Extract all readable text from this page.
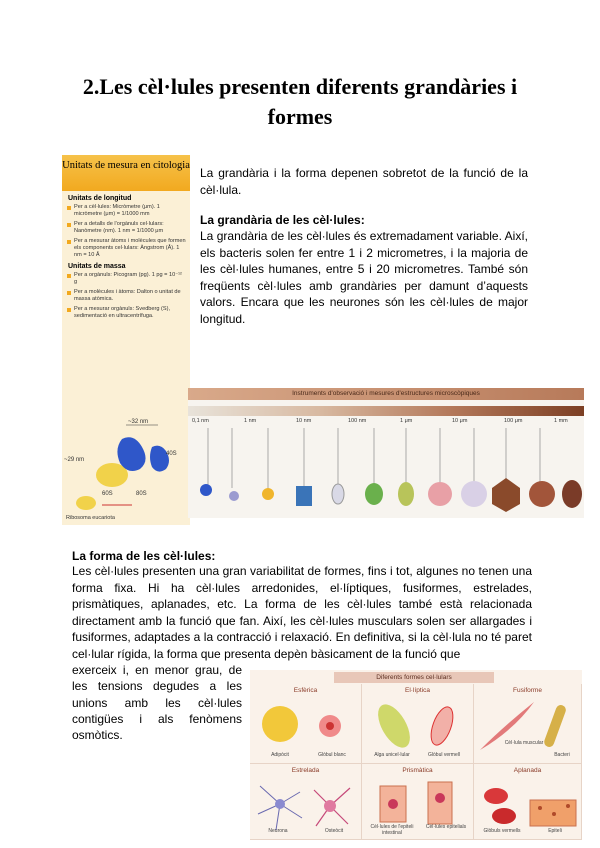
2.Les cèl·lules presenten diferents grandàries i formes
Unitats de mesura en citologia
Unitats de longitud
Per a cèl·lules: Micròmetre (μm). 1 micròmetre (μm) = 1/1000 mm
Per a detalls de l'orgànuls cel·lulars: Nanòmetre (nm). 1 nm = 1/1000 μm
Per a mesurar àtoms i molècules que formen els components cel·lulars: Àngstrom (Å). 1 nm = 10 Å
Unitats de massa
Per a orgànuls: Picogram (pg). 1 pg = 10⁻¹² g
Per a molècules i àtoms: Dalton o unitat de massa atòmica.
Per a mesurar orgànuls: Svedberg (S), sedimentació en ultracentrífuga.
~32 nm
~29 nm
40S
60S	80S
Ribosoma eucariota

La grandària i la forma depenen sobretot de la funció de la cèl·lula.

La grandària de les cèl·lules:

La grandària de les cèl·lules és extremadament variable. Així, els bacteris solen fer entre 1 i 2 micrometres, i la majoria de les cèl·lules humanes, entre 5 i 20 micrometres. També són freqüents cèl·lules amb grandàries per damunt d’aquests valors. Encara que les neurones són les cèl·lules de major longitud.

Instruments d'observació i mesures d'estructures microscòpiques
0,1 nm	1 nm	10 nm	100 nm	1 μm	10 μm	100 μm	1 mm

La forma de les cèl·lules:

Les cèl·lules presenten una gran variabilitat de formes, fins i tot, algunes no tenen una forma fixa. Hi ha cèl·lules arredonides, el·líptiques, fusiformes, estrelades, prismàtiques, aplanades, etc. La forma de les cèl·lules també està relacionada directament amb la funció que fan. Així, les cèl·lules musculars solen ser allargades i fusiformes, adaptades a la contracció i relaxació. En definitiva, si la cèl·lula no té paret cel·lular rígida, la forma que presenta depèn bàsicament de la funció que

exerceix i, en menor grau, de les tensions degudes a les unions amb les cèl·lules contigües i als fenòmens osmòtics.

Diferents formes cel·lulars
Esfèrica
Adipòcit	Glòbul blanc
El·líptica
Alga unicel·lular	Glòbul vermell
Fusiforme
Cèl·lula muscular
Bacteri
Estrelada
Neurona	Osteòcit
Prismàtica
Cèl·lules de l'epiteli intestinal
Cèl·lules epitelials
Aplanada
Glòbuls vermells	Epiteli
